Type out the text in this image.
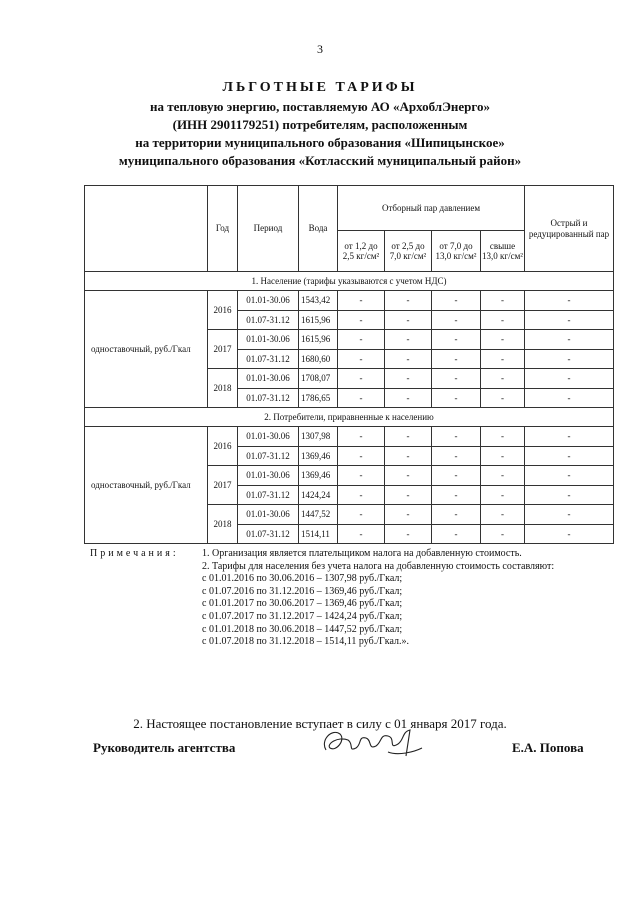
3
ЛЬГОТНЫЕ ТАРИФЫ
на тепловую энергию, поставляемую АО «АрхоблЭнерго»
(ИНН 2901179251) потребителям, расположенным
на территории муниципального образования «Шипицынское»
муниципального образования «Котласский муниципальный район»
	Год	Период	Вода	Отборный пар давлением				Острый и редуцированный пар
				от 1,2 до 2,5 кг/см²	от 2,5 до 7,0 кг/см²	от 7,0 до 13,0 кг/см²	свыше 13,0 кг/см²	
1. Население (тарифы указываются с учетом НДС)								
одноставочный, руб./Гкал	2016	01.01-30.06	1543,42	-	-	-	-	-
		01.07-31.12	1615,96	-	-	-	-	-
	2017	01.01-30.06	1615,96	-	-	-	-	-
		01.07-31.12	1680,60	-	-	-	-	-
	2018	01.01-30.06	1708,07	-	-	-	-	-
		01.07-31.12	1786,65	-	-	-	-	-
2. Потребители, приравненные к населению								
одноставочный, руб./Гкал	2016	01.01-30.06	1307,98	-	-	-	-	-
		01.07-31.12	1369,46	-	-	-	-	-
	2017	01.01-30.06	1369,46	-	-	-	-	-
		01.07-31.12	1424,24	-	-	-	-	-
	2018	01.01-30.06	1447,52	-	-	-	-	-
		01.07-31.12	1514,11	-	-	-	-	-
Примечания: 1. Организация является плательщиком налога на добавленную стоимость.
2. Тарифы для населения без учета налога на добавленную стоимость составляют:
с 01.01.2016 по 30.06.2016 – 1307,98 руб./Гкал;
с 01.07.2016 по 31.12.2016 – 1369,46 руб./Гкал;
с 01.01.2017 по 30.06.2017 – 1369,46 руб./Гкал;
с 01.07.2017 по 31.12.2017 – 1424,24 руб./Гкал;
с 01.01.2018 по 30.06.2018 – 1447,52 руб./Гкал;
с 01.07.2018 по 31.12.2018 – 1514,11 руб./Гкал.».
2. Настоящее постановление вступает в силу с 01 января 2017 года.
Руководитель агентства	Е.А. Попова
